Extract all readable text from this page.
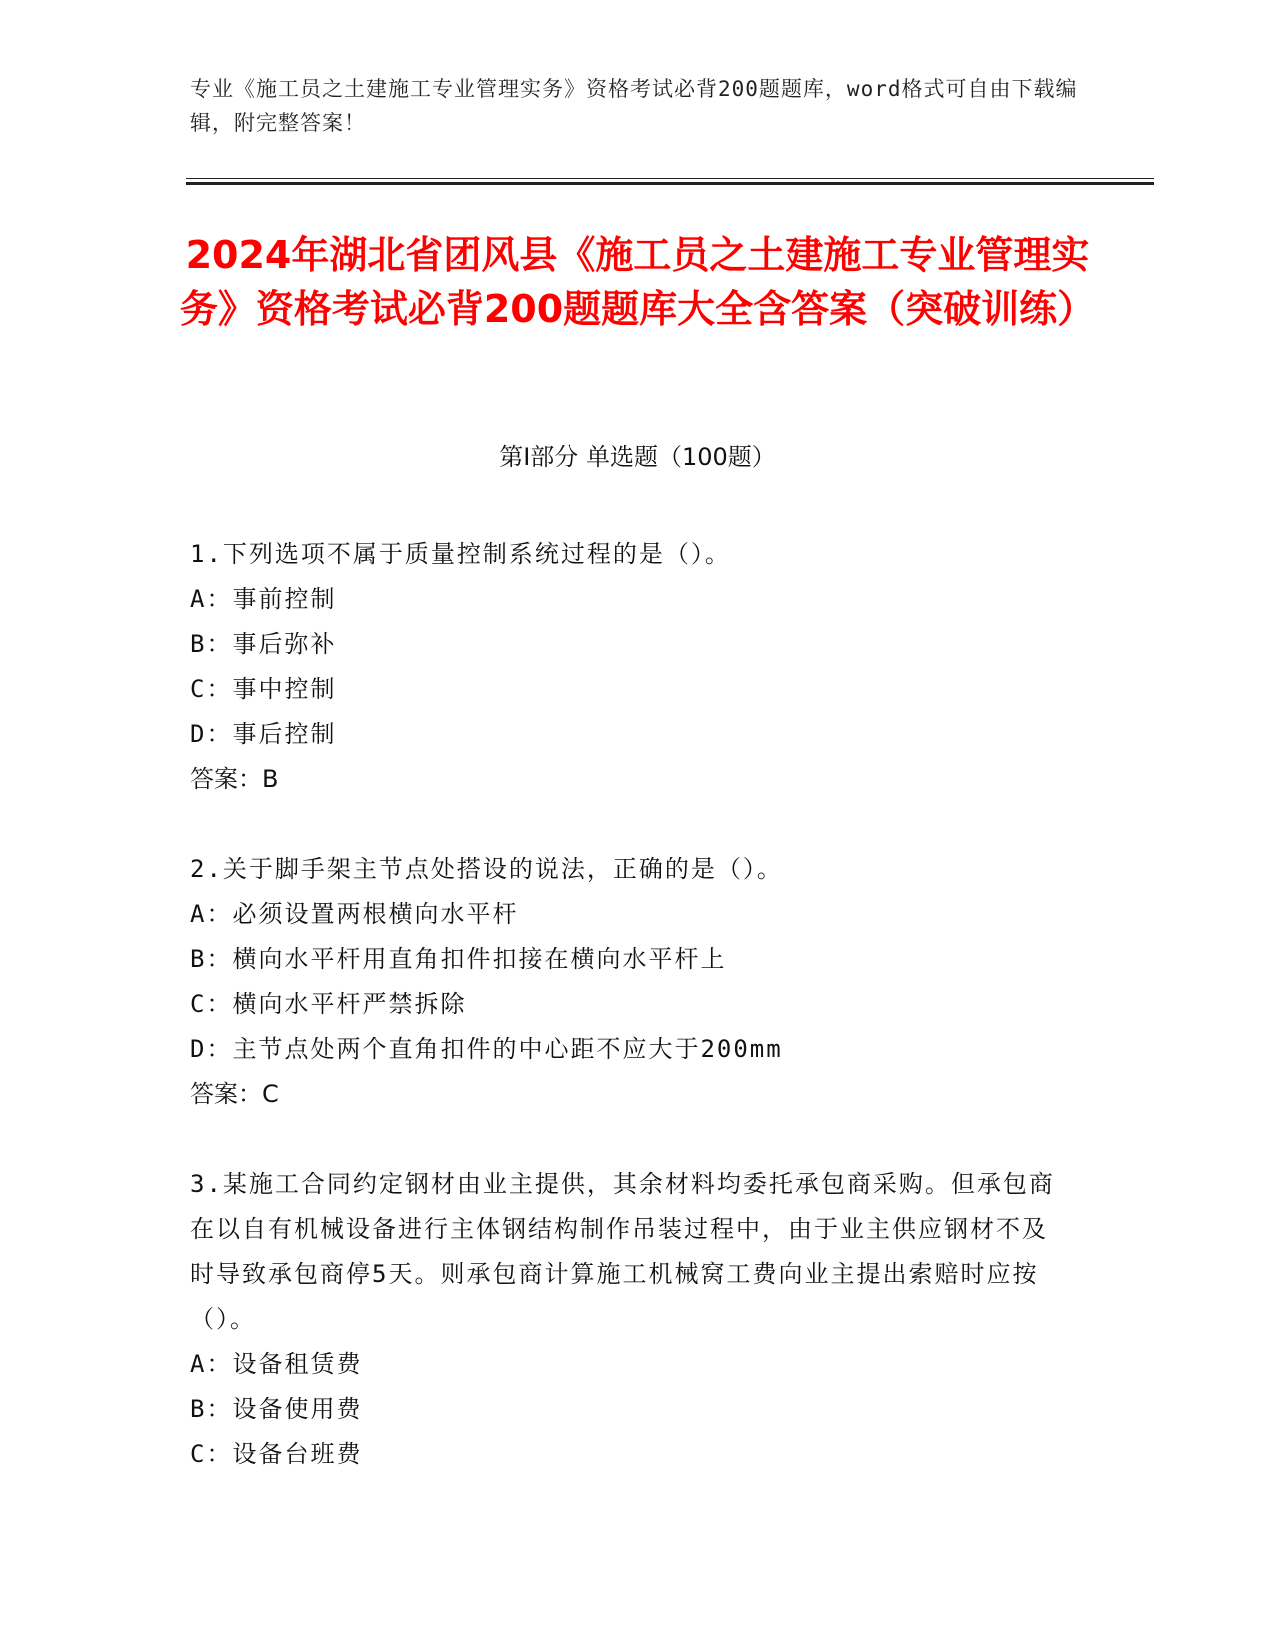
专业《施工员之土建施工专业管理实务》资格考试必背200题题库，word格式可自由下载编辑，附完整答案！
2024年湖北省团风县《施工员之土建施工专业管理实务》资格考试必背200题题库大全含答案（突破训练）
第Ⅰ部分 单选题（100题）
1.下列选项不属于质量控制系统过程的是（）。
A：事前控制
B：事后弥补
C：事中控制
D：事后控制
答案：B
2.关于脚手架主节点处搭设的说法，正确的是（）。
A：必须设置两根横向水平杆
B：横向水平杆用直角扣件扣接在横向水平杆上
C：横向水平杆严禁拆除
D：主节点处两个直角扣件的中心距不应大于200mm
答案：C
3.某施工合同约定钢材由业主提供，其余材料均委托承包商采购。但承包商在以自有机械设备进行主体钢结构制作吊装过程中，由于业主供应钢材不及时导致承包商停5天。则承包商计算施工机械窝工费向业主提出索赔时应按（）。
A：设备租赁费
B：设备使用费
C：设备台班费
